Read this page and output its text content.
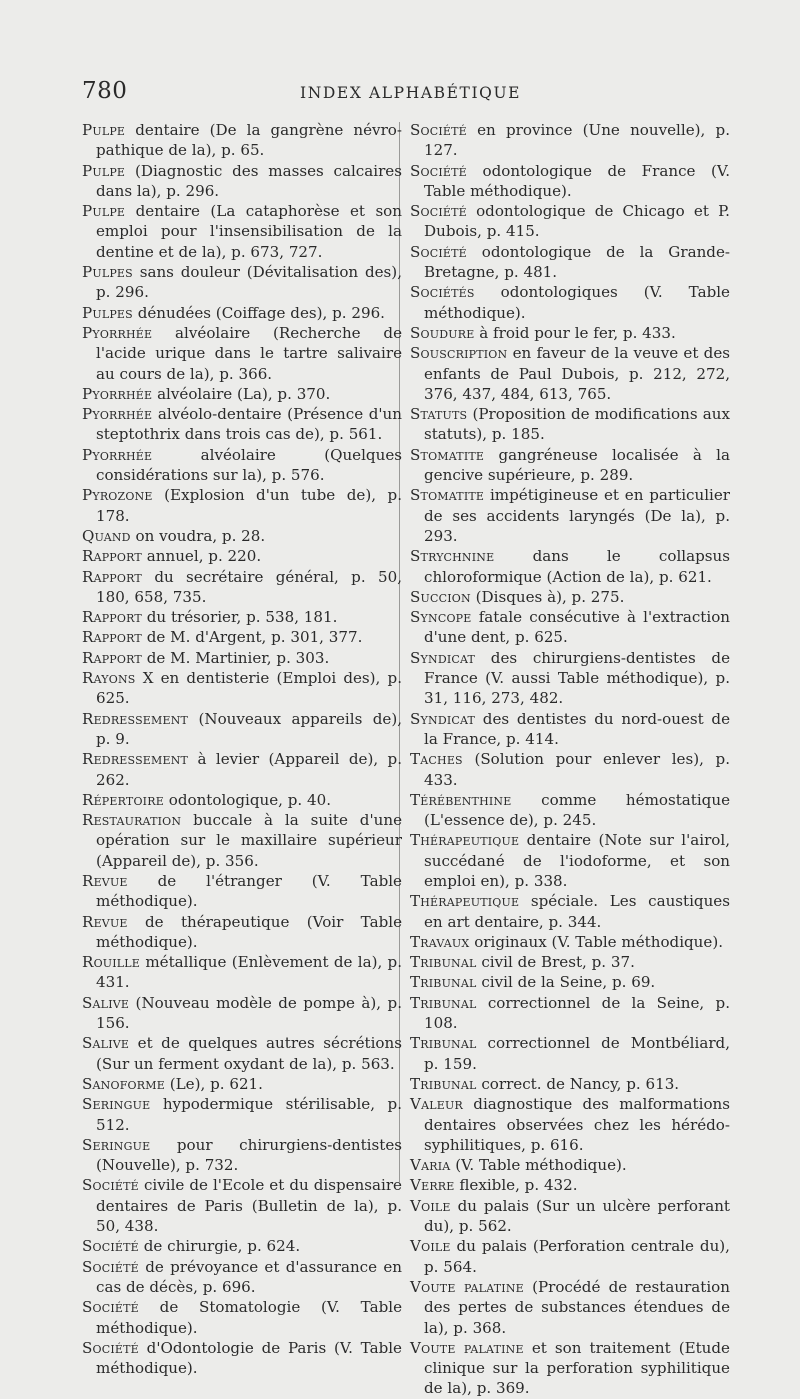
780	INDEX ALPHABÉTIQUE
Pulpe dentaire (De la gangrène névro-pathique de la), p. 65.
Pulpe (Diagnostic des masses calcaires dans la), p. 296.
Pulpe dentaire (La cataphorèse et son emploi pour l'insensibilisation de la dentine et de la), p. 673, 727.
Pulpes sans douleur (Dévitalisation des), p. 296.
Pulpes dénudées (Coiffage des), p. 296.
Pyorrhée alvéolaire (Recherche de l'acide urique dans le tartre salivaire au cours de la), p. 366.
Pyorrhée alvéolaire (La), p. 370.
Pyorrhée alvéolo-dentaire (Présence d'un steptothrix dans trois cas de), p. 561.
Pyorrhée alvéolaire (Quelques considérations sur la), p. 576.
Pyrozone (Explosion d'un tube de), p. 178.
Quand on voudra, p. 28.
Rapport annuel, p. 220.
Rapport du secrétaire général, p. 50, 180, 658, 735.
Rapport du trésorier, p. 538, 181.
Rapport de M. d'Argent, p. 301, 377.
Rapport de M. Martinier, p. 303.
Rayons X en dentisterie (Emploi des), p. 625.
Redressement (Nouveaux appareils de), p. 9.
Redressement à levier (Appareil de), p. 262.
Répertoire odontologique, p. 40.
Restauration buccale à la suite d'une opération sur le maxillaire supérieur (Appareil de), p. 356.
Revue de l'étranger (V. Table méthodique).
Revue de thérapeutique (Voir Table méthodique).
Rouille métallique (Enlèvement de la), p. 431.
Salive (Nouveau modèle de pompe à), p. 156.
Salive et de quelques autres sécrétions (Sur un ferment oxydant de la), p. 563.
Sanoforme (Le), p. 621.
Seringue hypodermique stérilisable, p. 512.
Seringue pour chirurgiens-dentistes (Nouvelle), p. 732.
Société civile de l'Ecole et du dispensaire dentaires de Paris (Bulletin de la), p. 50, 438.
Société de chirurgie, p. 624.
Société de prévoyance et d'assurance en cas de décès, p. 696.
Société de Stomatologie (V. Table méthodique).
Société d'Odontologie de Paris (V. Table méthodique).
Société en province (Une nouvelle), p. 127.
Société odontologique de France (V. Table méthodique).
Société odontologique de Chicago et P. Dubois, p. 415.
Société odontologique de la Grande-Bretagne, p. 481.
Sociétés odontologiques (V. Table méthodique).
Soudure à froid pour le fer, p. 433.
Souscription en faveur de la veuve et des enfants de Paul Dubois, p. 212, 272, 376, 437, 484, 613, 765.
Statuts (Proposition de modifications aux statuts), p. 185.
Stomatite gangréneuse localisée à la gencive supérieure, p. 289.
Stomatite impétigineuse et en particulier de ses accidents laryngés (De la), p. 293.
Strychnine dans le collapsus chloroformique (Action de la), p. 621.
Succion (Disques à), p. 275.
Syncope fatale consécutive à l'extraction d'une dent, p. 625.
Syndicat des chirurgiens-dentistes de France (V. aussi Table méthodique), p. 31, 116, 273, 482.
Syndicat des dentistes du nord-ouest de la France, p. 414.
Taches (Solution pour enlever les), p. 433.
Térébenthine comme hémostatique (L'essence de), p. 245.
Thérapeutique dentaire (Note sur l'airol, succédané de l'iodoforme, et son emploi en), p. 338.
Thérapeutique spéciale. Les caustiques en art dentaire, p. 344.
Travaux originaux (V. Table méthodique).
Tribunal civil de Brest, p. 37.
Tribunal civil de la Seine, p. 69.
Tribunal correctionnel de la Seine, p. 108.
Tribunal correctionnel de Montbéliard, p. 159.
Tribunal correct. de Nancy, p. 613.
Valeur diagnostique des malformations dentaires observées chez les hérédo-syphilitiques, p. 616.
Varia (V. Table méthodique).
Verre flexible, p. 432.
Voile du palais (Sur un ulcère perforant du), p. 562.
Voile du palais (Perforation centrale du), p. 564.
Voute palatine (Procédé de restauration des pertes de substances étendues de la), p. 368.
Voute palatine et son traitement (Etude clinique sur la perforation syphilitique de la), p. 369.
